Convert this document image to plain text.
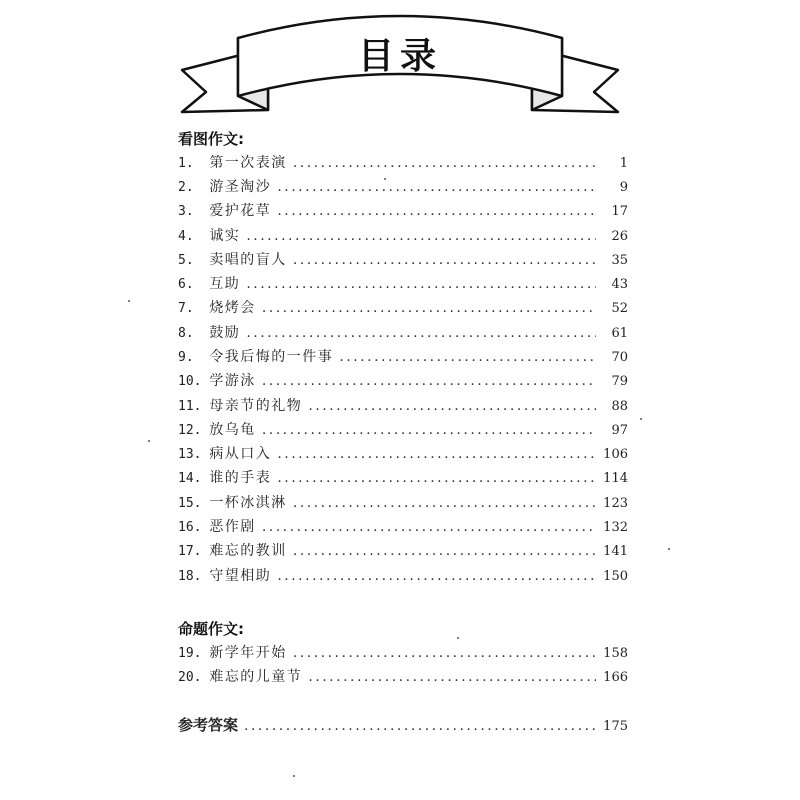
目录
看图作文:
1. 第一次表演 .....	1
2. 游圣淘沙 .....	9
3. 爱护花草 .....	17
4. 诚实 .....	26
5. 卖唱的盲人 .....	35
6. 互助 .....	43
7. 烧烤会 .....	52
8. 鼓励 .....	61
9. 令我后悔的一件事 .....	70
10. 学游泳 .....	79
11. 母亲节的礼物 .....	88
12. 放乌龟 .....	97
13. 病从口入 .....	106
14. 谁的手表 .....	114
15. 一杯冰淇淋 .....	123
16. 恶作剧 .....	132
17. 难忘的教训 .....	141
18. 守望相助 .....	150
命题作文:
19. 新学年开始 .....	158
20. 难忘的儿童节 .....	166
参考答案 .....	175
